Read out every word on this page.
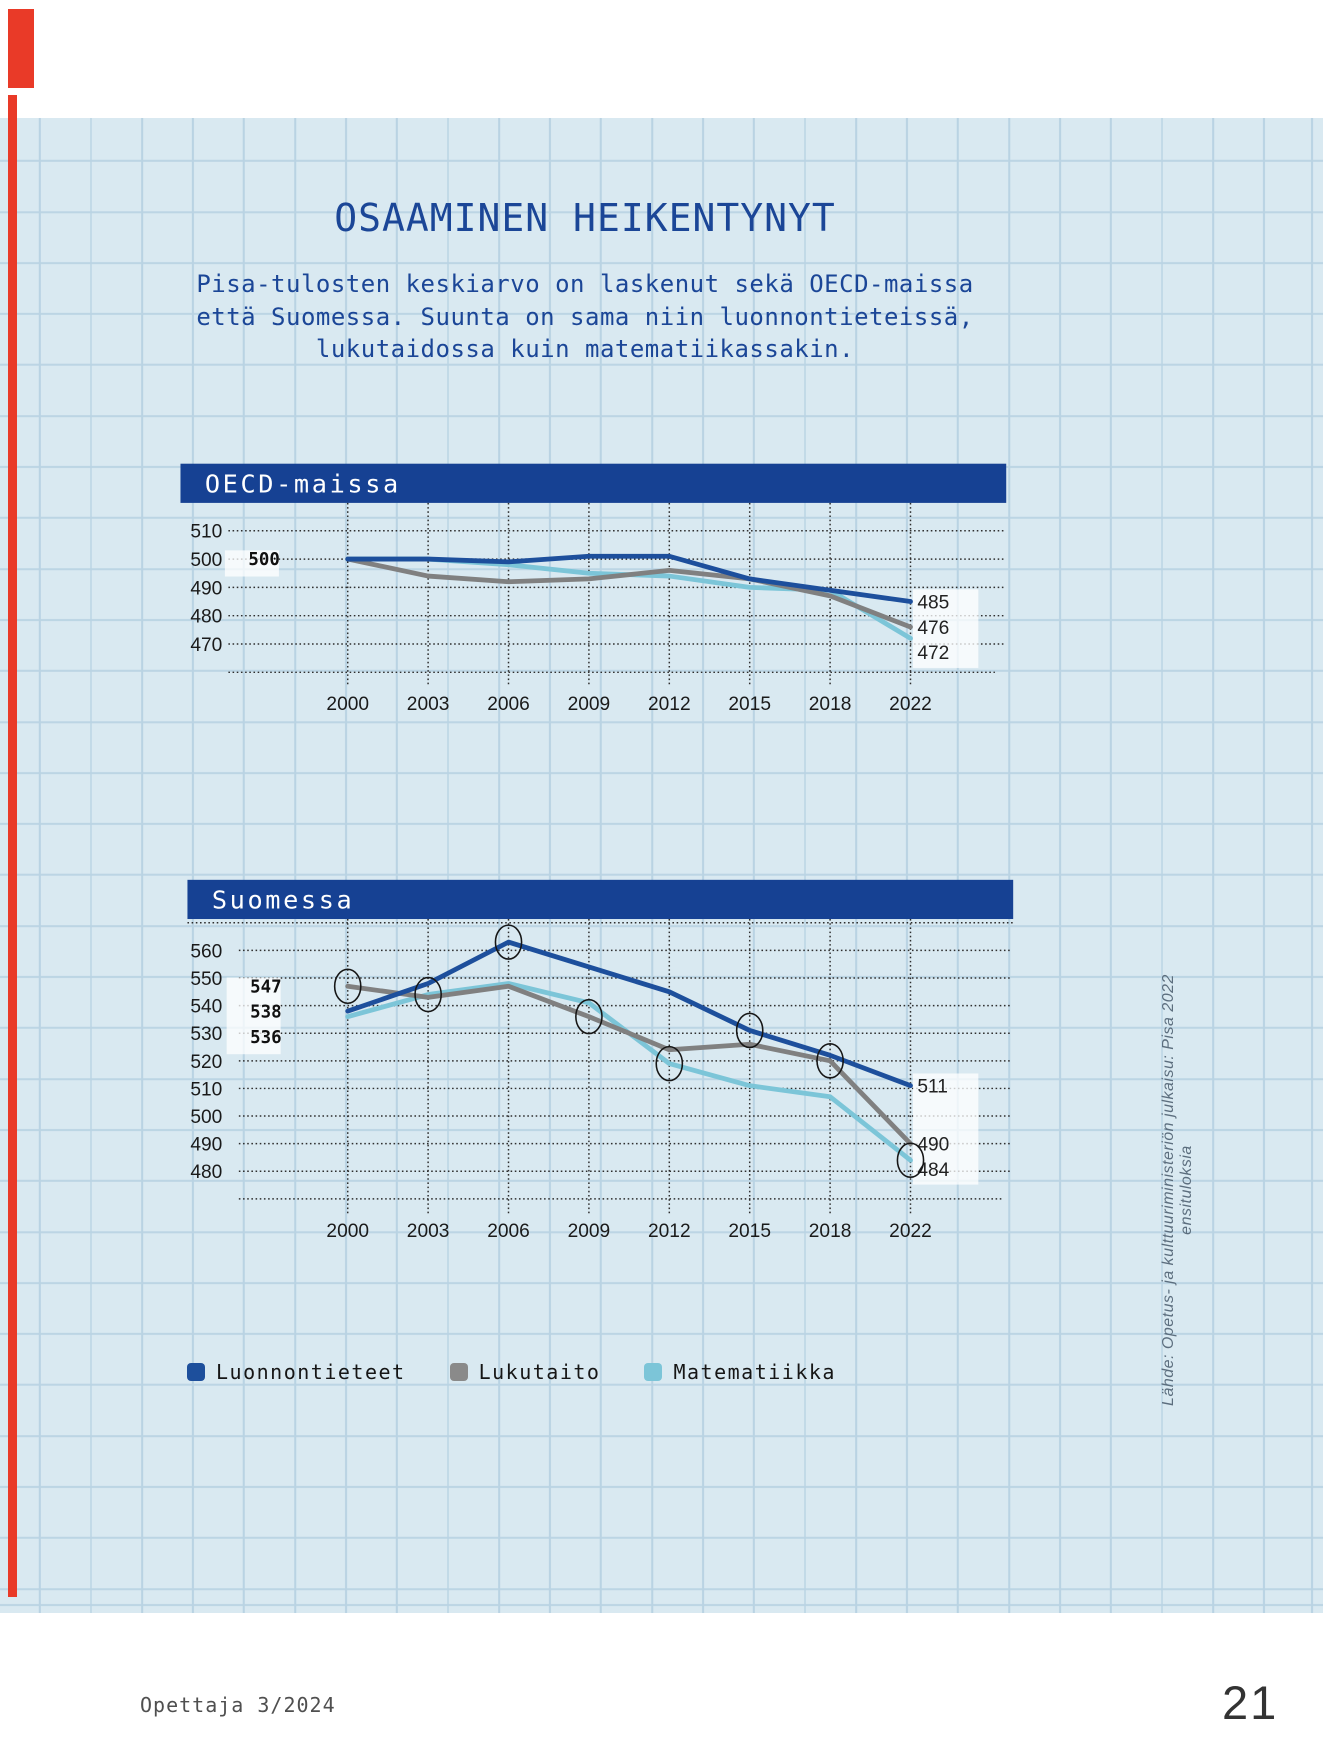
OSAAMINEN HEIKENTYNYT
Pisa-tulosten keskiarvo on laskenut sekä OECD-maissa
että Suomessa. Suunta on sama niin luonnontieteissä,
lukutaidossa kuin matematiikassakin.
OECD-maissa
510
500
490
480
470
2000 2003 2006 2009 2012 2015 2018 2022
500
485
476
472
Suomessa
560
550
540
530
520
510
500
490
480
2000 2003 2006 2009 2012 2015 2018 2022
547
538
536
511
490
484
Luonnontieteet	Lukutaito	Matematiikka	Lähde: Opetus- ja kulttuuriministeriön julkaisu: Pisa 2022 ensituloksia
Opettaja 3/2024	21
